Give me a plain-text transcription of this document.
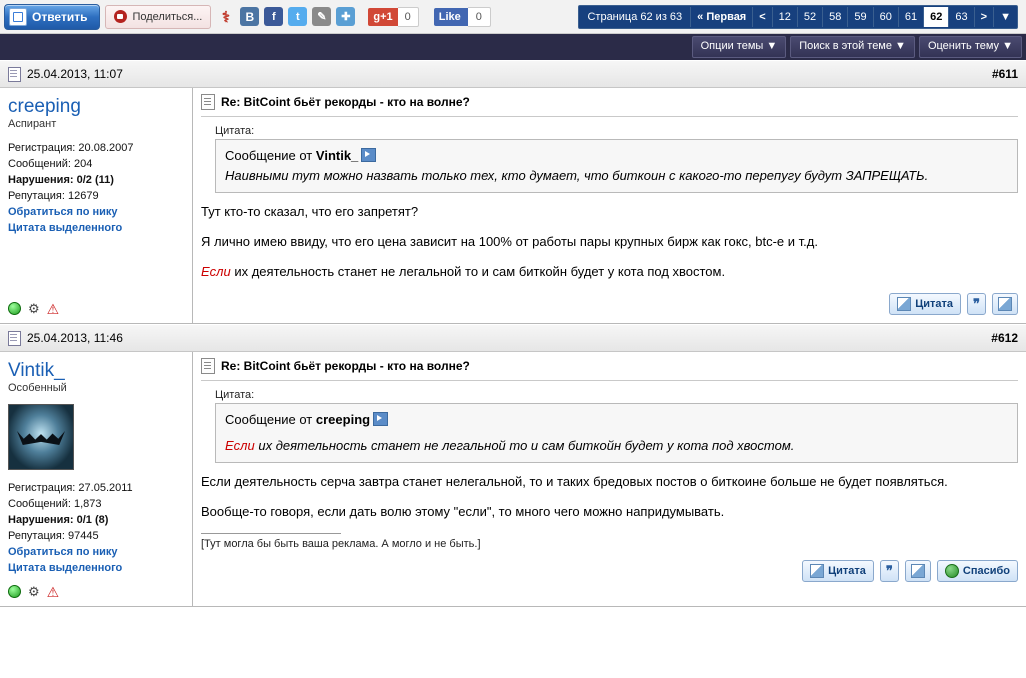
Ответить	Поделиться...	⚕	B	f	t	✎	✚	g+1	0	Like	0	Страница 62 из 63	« Первая	<	12	52	58	59	60	61	62	63	>	▼
Опции темы ▼	Поиск в этой теме ▼	Оценить тему ▼
25.04.2013, 11:07	#611
creeping
Аспирант
Регистрация: 20.08.2007
Сообщений: 204
Нарушения: 0/2 (11)
Репутация: 12679
Обратиться по нику
Цитата выделенного
⚙ ⚠
Re: BitCoint бьёт рекорды - кто на волне?
Цитата:
Сообщение от Vintik_
Наивными тут можно назвать только тех, кто думает, что биткоин с какого-то перепугу будут ЗАПРЕЩАТЬ.

Тут кто-то сказал, что его запретят?

Я лично имею ввиду, что его цена зависит на 100% от работы пары крупных бирж как гокс, btc-e и т.д.

Если их деятельность станет не легальной то и сам биткойн будет у кота под хвостом.

Цитата ❞
25.04.2013, 11:46	#612
Vintik_
Особенный
Регистрация: 27.05.2011
Сообщений: 1,873
Нарушения: 0/1 (8)
Репутация: 97445
Обратиться по нику
Цитата выделенного
⚙ ⚠
Re: BitCoint бьёт рекорды - кто на волне?
Цитата:
Сообщение от creeping
Если их деятельность станет не легальной то и сам биткойн будет у кота под хвостом.

Если деятельность серча завтра станет нелегальной, то и таких бредовых постов о биткоине больше не будет появляться.

Вообще-то говоря, если дать волю этому "если", то много чего можно напридумывать.

[Тут могла бы быть ваша реклама. А могло и не быть.]
Цитата ❞	Спасибо
